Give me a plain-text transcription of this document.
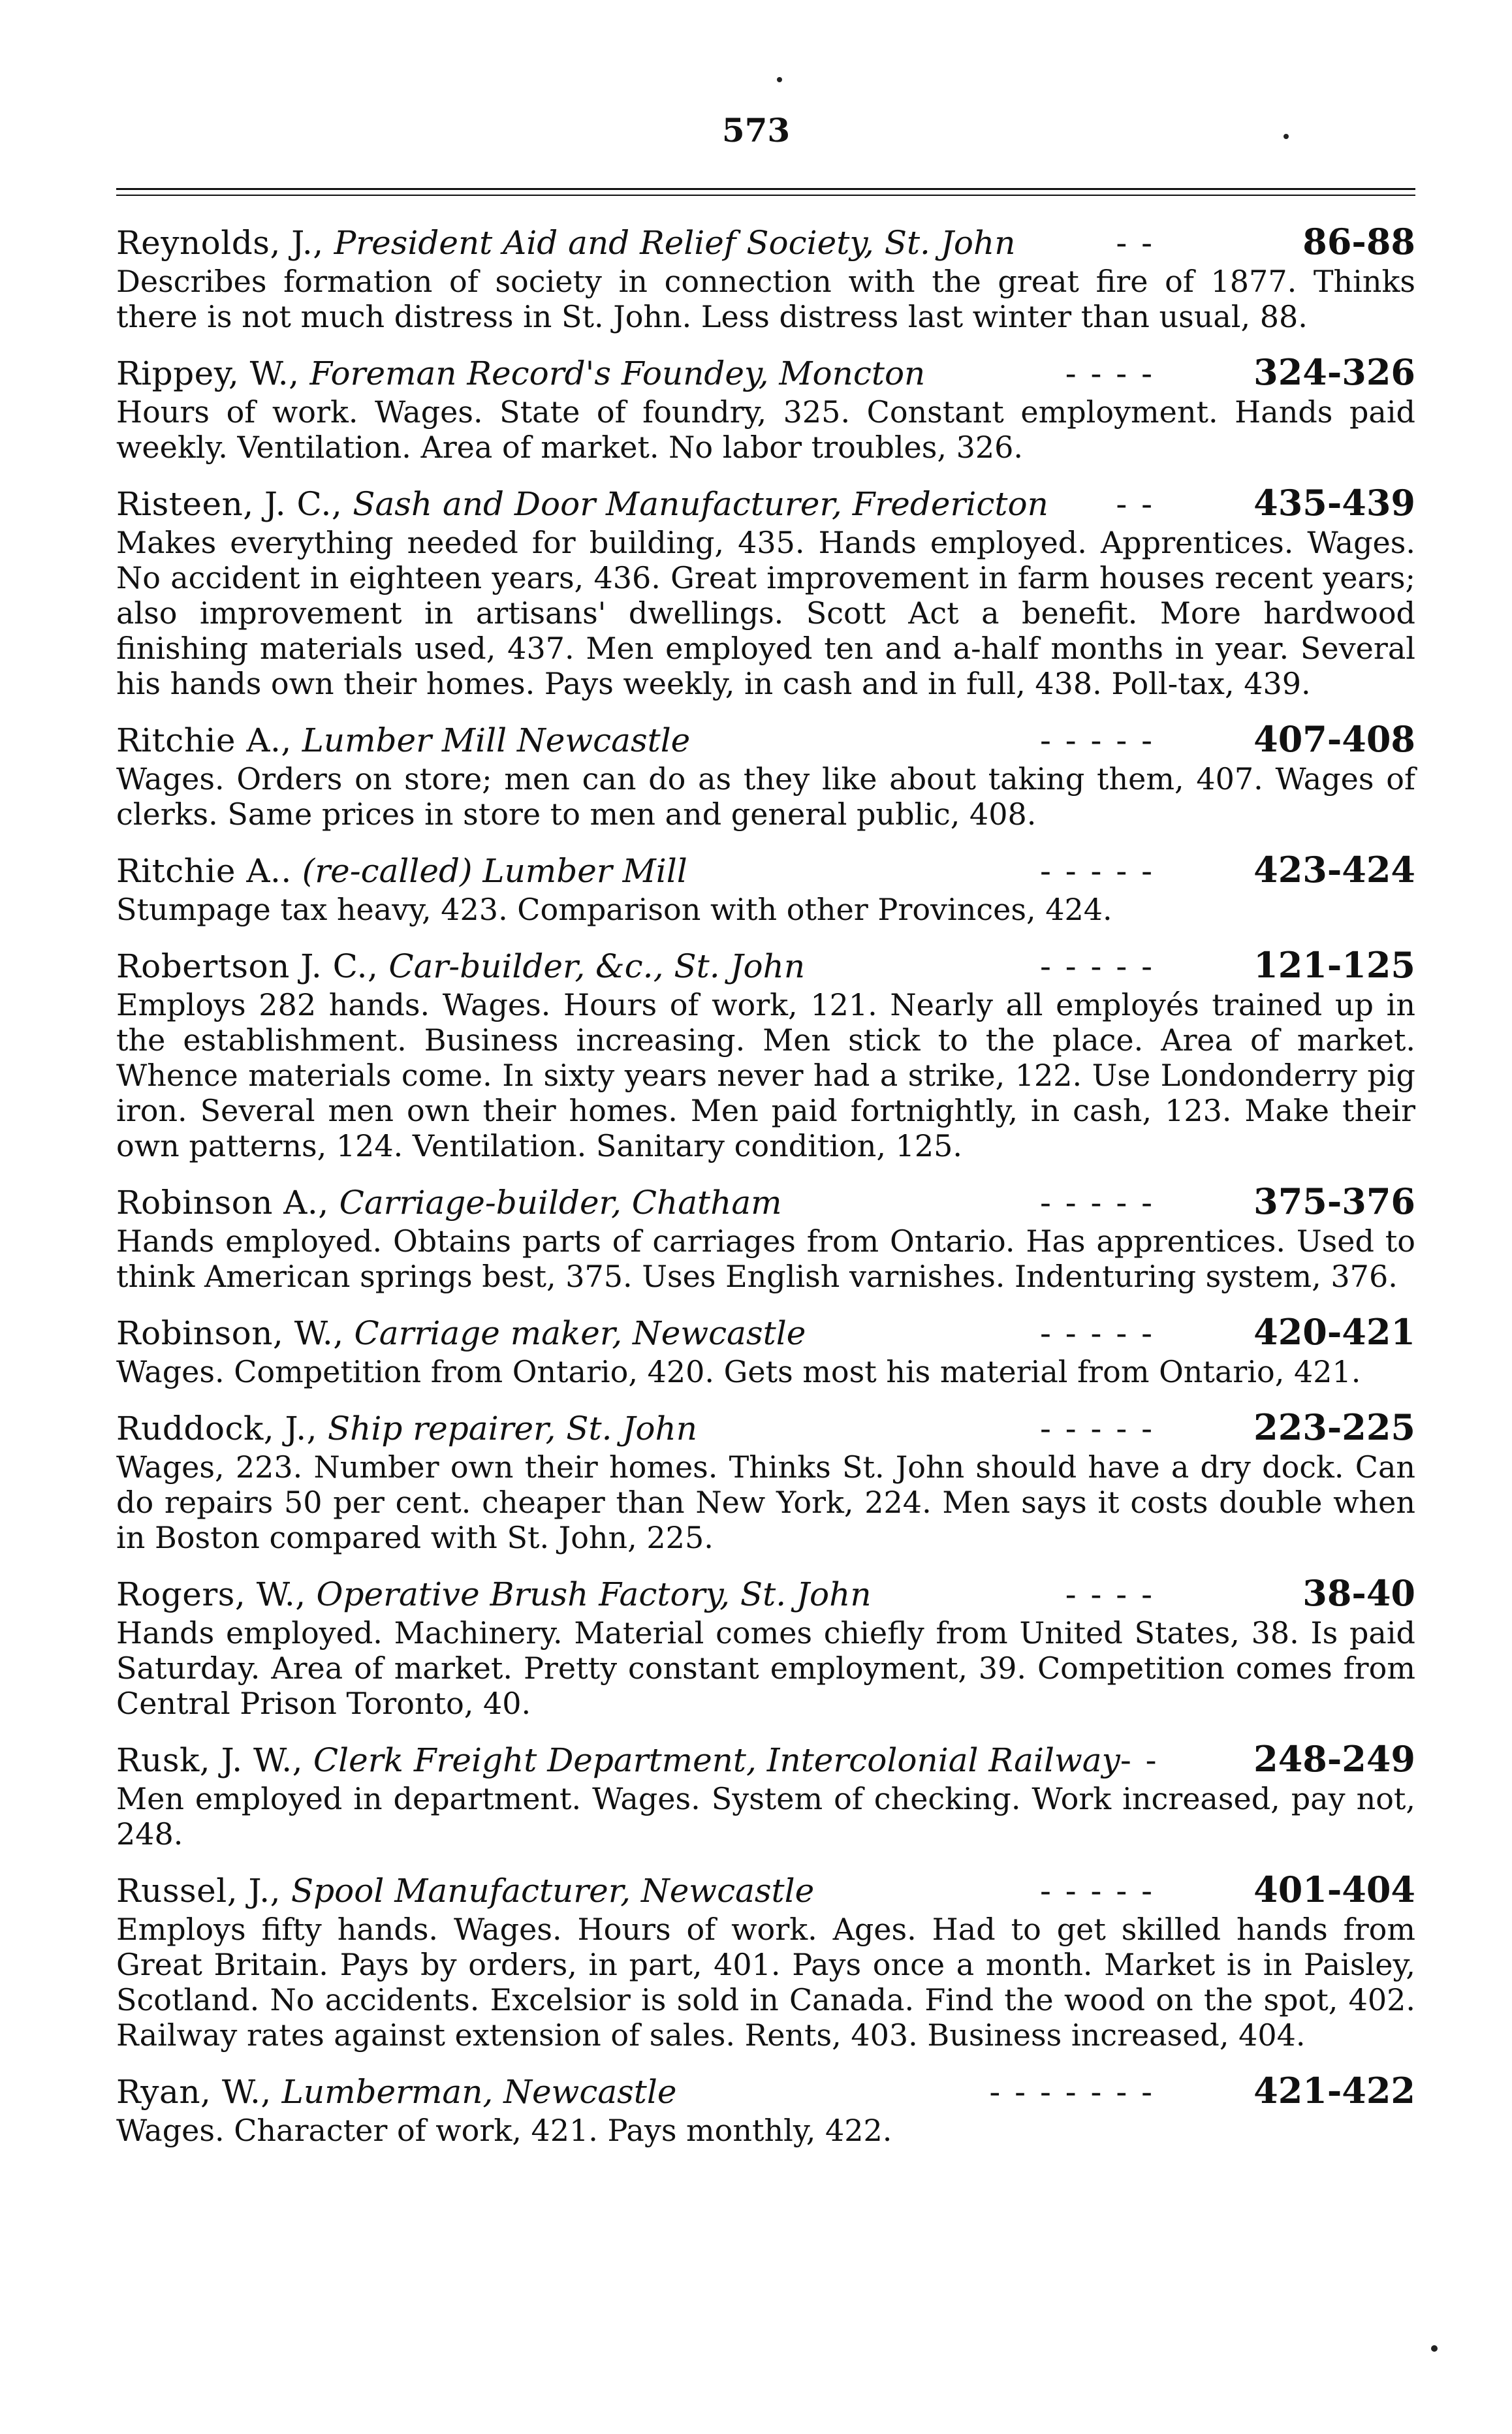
573
Reynolds, J.,
President Aid and Relief Society, St. John	- -	86-88
Describes formation of society in connection with the great fire of 1877. Thinks there is not much distress in St. John. Less distress last winter than usual, 88.
Rippey, W.,
Foreman Record's Foundey, Moncton	- - - -	324-326
Hours of work. Wages. State of foundry, 325. Constant employment. Hands paid weekly. Ventilation. Area of market. No labor troubles, 326.
Risteen, J. C.,
Sash and Door Manufacturer, Fredericton	- -	435-439
Makes everything needed for building, 435. Hands employed. Apprentices. Wages. No accident in eighteen years, 436. Great improvement in farm houses recent years; also improvement in artisans' dwellings. Scott Act a benefit. More hardwood finishing materials used, 437. Men employed ten and a-half months in year. Several his hands own their homes. Pays weekly, in cash and in full, 438. Poll-tax, 439.
Ritchie A.,
Lumber Mill Newcastle	- - - - -	407-408
Wages. Orders on store; men can do as they like about taking them, 407. Wages of clerks. Same prices in store to men and general public, 408.
Ritchie A..
(re-called) Lumber Mill	- - - - -	423-424
Stumpage tax heavy, 423. Comparison with other Provinces, 424.
Robertson J. C.,
Car-builder, &c., St. John	- - - - -	121-125
Employs 282 hands. Wages. Hours of work, 121. Nearly all employés trained up in the establishment. Business increasing. Men stick to the place. Area of market. Whence materials come. In sixty years never had a strike, 122. Use Londonderry pig iron. Several men own their homes. Men paid fortnightly, in cash, 123. Make their own patterns, 124. Ventilation. Sanitary condition, 125.
Robinson A.,
Carriage-builder, Chatham	- - - - -	375-376
Hands employed. Obtains parts of carriages from Ontario. Has apprentices. Used to think American springs best, 375. Uses English varnishes. Indenturing system, 376.
Robinson, W.,
Carriage maker, Newcastle	- - - - -	420-421
Wages. Competition from Ontario, 420. Gets most his material from Ontario, 421.
Ruddock, J.,
Ship repairer, St. John	- - - - -	223-225
Wages, 223. Number own their homes. Thinks St. John should have a dry dock. Can do repairs 50 per cent. cheaper than New York, 224. Men says it costs double when in Boston compared with St. John, 225.
Rogers, W.,
Operative Brush Factory, St. John	- - - -	38-40
Hands employed. Machinery. Material comes chiefly from United States, 38. Is paid Saturday. Area of market. Pretty constant employment, 39. Competition comes from Central Prison Toronto, 40.
Rusk, J. W.,
Clerk Freight Department, Intercolonial Railway - -	248-249
Men employed in department. Wages. System of checking. Work increased, pay not, 248.
Russel, J.,
Spool Manufacturer, Newcastle	- - - - -	401-404
Employs fifty hands. Wages. Hours of work. Ages. Had to get skilled hands from Great Britain. Pays by orders, in part, 401. Pays once a month. Market is in Paisley, Scotland. No accidents. Excelsior is sold in Canada. Find the wood on the spot, 402. Railway rates against extension of sales. Rents, 403. Business increased, 404.
Ryan, W.,
Lumberman, Newcastle	- - - - - - -	421-422
Wages. Character of work, 421. Pays monthly, 422.
